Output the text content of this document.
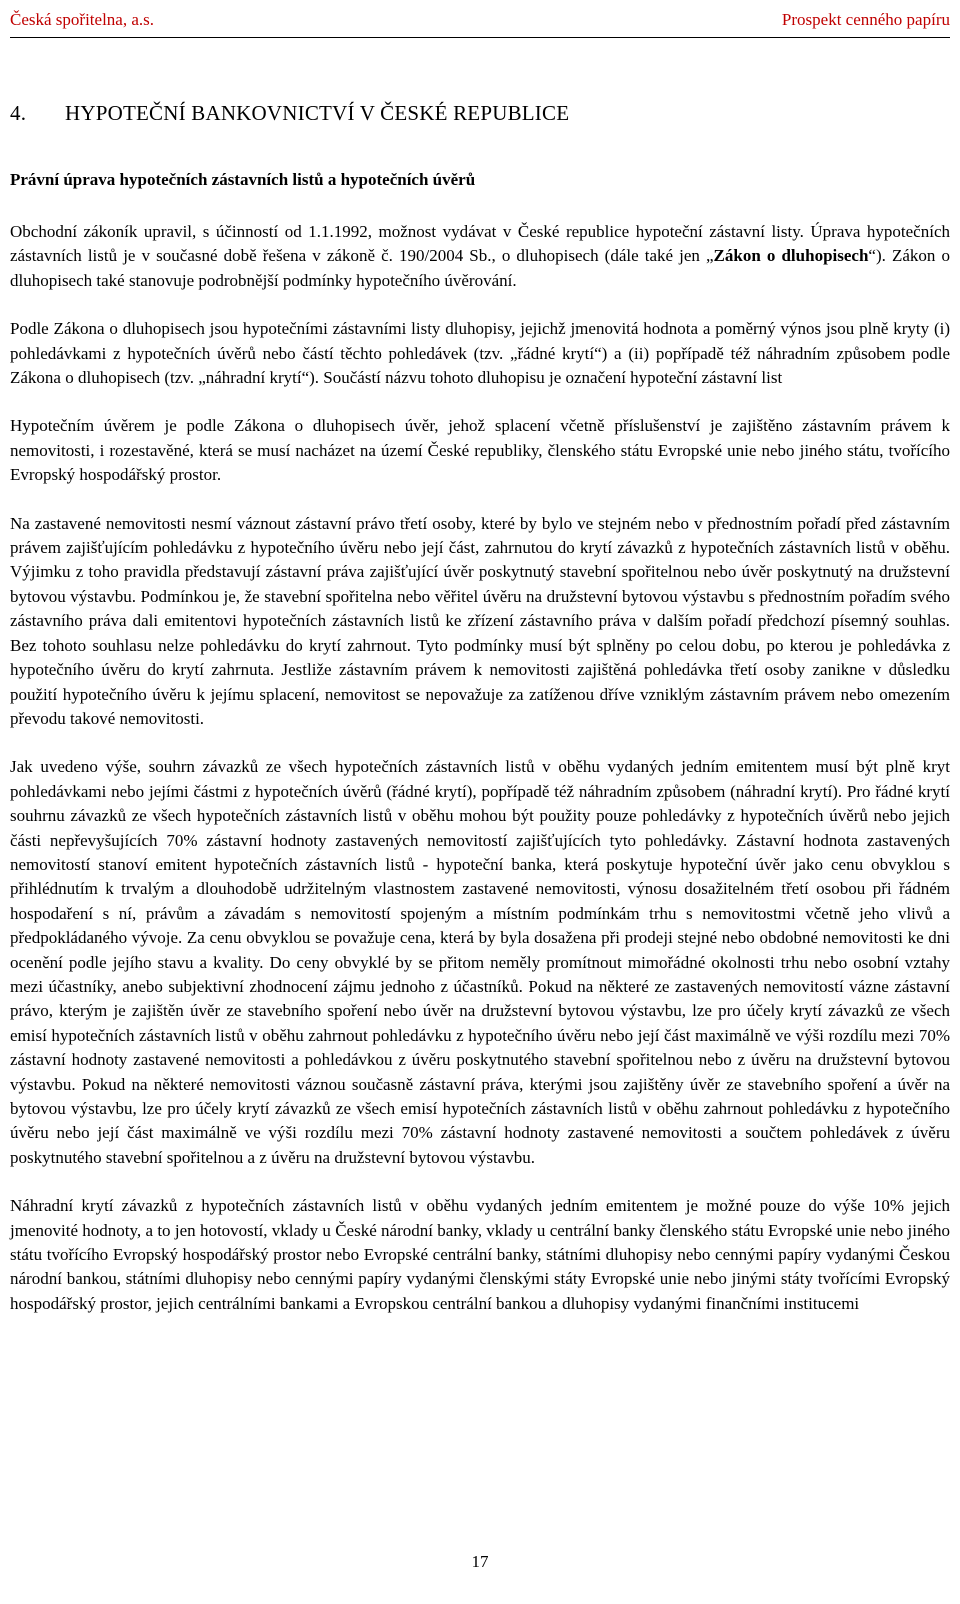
Česká spořitelna, a.s.	Prospekt cenného papíru
4. HYPOTEČNÍ BANKOVNICTVÍ V ČESKÉ REPUBLICE
Právní úprava hypotečních zástavních listů a hypotečních úvěrů

Obchodní zákoník upravil, s účinností od 1.1.1992, možnost vydávat v České republice hypoteční zástavní listy. Úprava hypotečních zástavních listů je v současné době řešena v zákoně č. 190/2004 Sb., o dluhopisech (dále také jen „Zákon o dluhopisech“). Zákon o dluhopisech také stanovuje podrobnější podmínky hypotečního úvěrování.

Podle Zákona o dluhopisech jsou hypotečními zástavními listy dluhopisy, jejichž jmenovitá hodnota a poměrný výnos jsou plně kryty (i) pohledávkami z hypotečních úvěrů nebo částí těchto pohledávek (tzv. „řádné krytí“) a (ii) popřípadě též náhradním způsobem podle Zákona o dluhopisech (tzv. „náhradní krytí“). Součástí názvu tohoto dluhopisu je označení hypoteční zástavní list

Hypotečním úvěrem je podle Zákona o dluhopisech úvěr, jehož splacení včetně příslušenství je zajištěno zástavním právem k nemovitosti, i rozestavěné, která se musí nacházet na území České republiky, členského státu Evropské unie nebo jiného státu, tvořícího Evropský hospodářský prostor.

Na zastavené nemovitosti nesmí váznout zástavní právo třetí osoby, které by bylo ve stejném nebo v přednostním pořadí před zástavním právem zajišťujícím pohledávku z hypotečního úvěru nebo její část, zahrnutou do krytí závazků z hypotečních zástavních listů v oběhu. Výjimku z toho pravidla představují zástavní práva zajišťující úvěr poskytnutý stavební spořitelnou nebo úvěr poskytnutý na družstevní bytovou výstavbu. Podmínkou je, že stavební spořitelna nebo věřitel úvěru na družstevní bytovou výstavbu s přednostním pořadím svého zástavního práva dali emitentovi hypotečních zástavních listů ke zřízení zástavního práva v dalším pořadí předchozí písemný souhlas. Bez tohoto souhlasu nelze pohledávku do krytí zahrnout. Tyto podmínky musí být splněny po celou dobu, po kterou je pohledávka z hypotečního úvěru do krytí zahrnuta. Jestliže zástavním právem k nemovitosti zajištěná pohledávka třetí osoby zanikne v důsledku použití hypotečního úvěru k jejímu splacení, nemovitost se nepovažuje za zatíženou dříve vzniklým zástavním právem nebo omezením převodu takové nemovitosti.

Jak uvedeno výše, souhrn závazků ze všech hypotečních zástavních listů v oběhu vydaných jedním emitentem musí být plně kryt pohledávkami nebo jejími částmi z hypotečních úvěrů (řádné krytí), popřípadě též náhradním způsobem (náhradní krytí). Pro řádné krytí souhrnu závazků ze všech hypotečních zástavních listů v oběhu mohou být použity pouze pohledávky z hypotečních úvěrů nebo jejich části nepřevyšujících 70% zástavní hodnoty zastavených nemovitostí zajišťujících tyto pohledávky. Zástavní hodnota zastavených nemovitostí stanoví emitent hypotečních zástavních listů - hypoteční banka, která poskytuje hypoteční úvěr jako cenu obvyklou s přihlédnutím k trvalým a dlouhodobě udržitelným vlastnostem zastavené nemovitosti, výnosu dosažitelném třetí osobou při řádném hospodaření s ní, právům a závadám s nemovitostí spojeným a místním podmínkám trhu s nemovitostmi včetně jeho vlivů a předpokládaného vývoje. Za cenu obvyklou se považuje cena, která by byla dosažena při prodeji stejné nebo obdobné nemovitosti ke dni ocenění podle jejího stavu a kvality. Do ceny obvyklé by se přitom neměly promítnout mimořádné okolnosti trhu nebo osobní vztahy mezi účastníky, anebo subjektivní zhodnocení zájmu jednoho z účastníků. Pokud na některé ze zastavených nemovitostí vázne zástavní právo, kterým je zajištěn úvěr ze stavebního spoření nebo úvěr na družstevní bytovou výstavbu, lze pro účely krytí závazků ze všech emisí hypotečních zástavních listů v oběhu zahrnout pohledávku z hypotečního úvěru nebo její část maximálně ve výši rozdílu mezi 70% zástavní hodnoty zastavené nemovitosti a pohledávkou z úvěru poskytnutého stavební spořitelnou nebo z úvěru na družstevní bytovou výstavbu. Pokud na některé nemovitosti váznou současně zástavní práva, kterými jsou zajištěny úvěr ze stavebního spoření a úvěr na bytovou výstavbu, lze pro účely krytí závazků ze všech emisí hypotečních zástavních listů v oběhu zahrnout pohledávku z hypotečního úvěru nebo její část maximálně ve výši rozdílu mezi 70% zástavní hodnoty zastavené nemovitosti a součtem pohledávek z úvěru poskytnutého stavební spořitelnou a z úvěru na družstevní bytovou výstavbu.

Náhradní krytí závazků z hypotečních zástavních listů v oběhu vydaných jedním emitentem je možné pouze do výše 10% jejich jmenovité hodnoty, a to jen hotovostí, vklady u České národní banky, vklady u centrální banky členského státu Evropské unie nebo jiného státu tvořícího Evropský hospodářský prostor nebo Evropské centrální banky, státními dluhopisy nebo cennými papíry vydanými Českou národní bankou, státními dluhopisy nebo cennými papíry vydanými členskými státy Evropské unie nebo jinými státy tvořícími Evropský hospodářský prostor, jejich centrálními bankami a Evropskou centrální bankou a dluhopisy vydanými finančními institucemi

17
